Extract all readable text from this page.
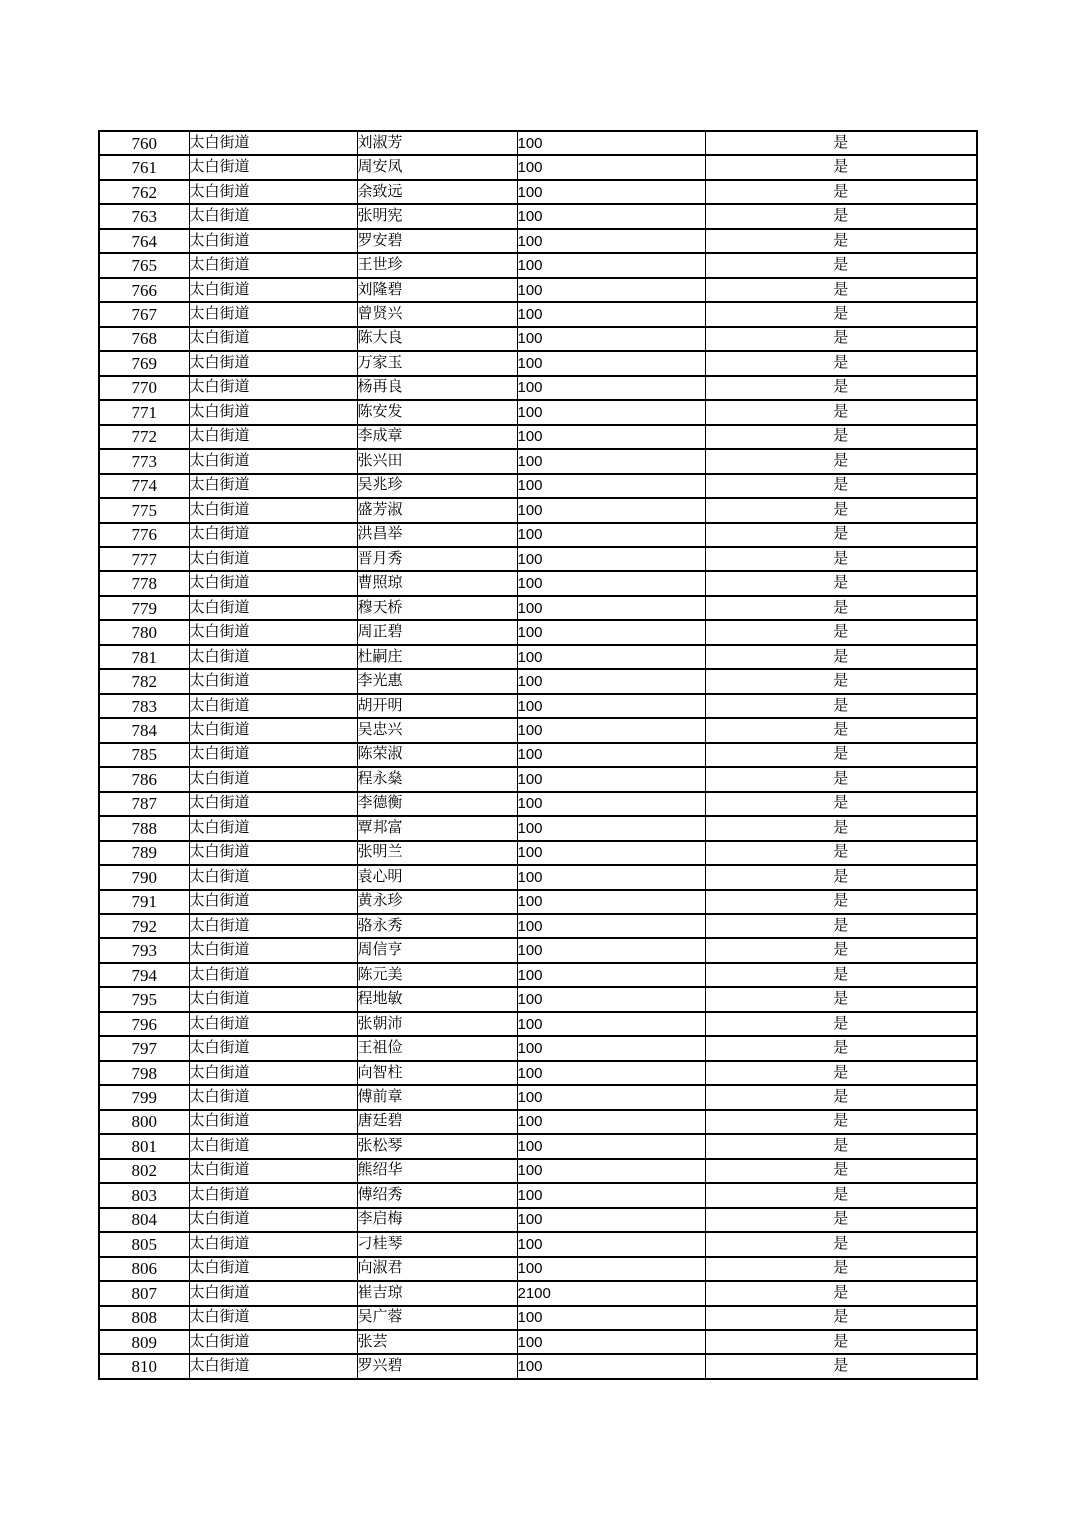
760	太白街道	刘淑芳	100	是
761	太白街道	周安凤	100	是
762	太白街道	余致远	100	是
763	太白街道	张明宪	100	是
764	太白街道	罗安碧	100	是
765	太白街道	王世珍	100	是
766	太白街道	刘隆碧	100	是
767	太白街道	曾贤兴	100	是
768	太白街道	陈大良	100	是
769	太白街道	万家玉	100	是
770	太白街道	杨再良	100	是
771	太白街道	陈安发	100	是
772	太白街道	李成章	100	是
773	太白街道	张兴田	100	是
774	太白街道	吴兆珍	100	是
775	太白街道	盛芳淑	100	是
776	太白街道	洪昌举	100	是
777	太白街道	晋月秀	100	是
778	太白街道	曹照琼	100	是
779	太白街道	穆天桥	100	是
780	太白街道	周正碧	100	是
781	太白街道	杜嗣庄	100	是
782	太白街道	李光惠	100	是
783	太白街道	胡开明	100	是
784	太白街道	吴忠兴	100	是
785	太白街道	陈荣淑	100	是
786	太白街道	程永燊	100	是
787	太白街道	李德衡	100	是
788	太白街道	覃邦富	100	是
789	太白街道	张明兰	100	是
790	太白街道	袁心明	100	是
791	太白街道	黄永珍	100	是
792	太白街道	骆永秀	100	是
793	太白街道	周信亨	100	是
794	太白街道	陈元美	100	是
795	太白街道	程地敏	100	是
796	太白街道	张朝沛	100	是
797	太白街道	王祖俭	100	是
798	太白街道	向智柱	100	是
799	太白街道	傅前章	100	是
800	太白街道	唐廷碧	100	是
801	太白街道	张松琴	100	是
802	太白街道	熊绍华	100	是
803	太白街道	傅绍秀	100	是
804	太白街道	李启梅	100	是
805	太白街道	刁桂琴	100	是
806	太白街道	向淑君	100	是
807	太白街道	崔吉琼	2100	是
808	太白街道	吴广蓉	100	是
809	太白街道	张芸	100	是
810	太白街道	罗兴碧	100	是
